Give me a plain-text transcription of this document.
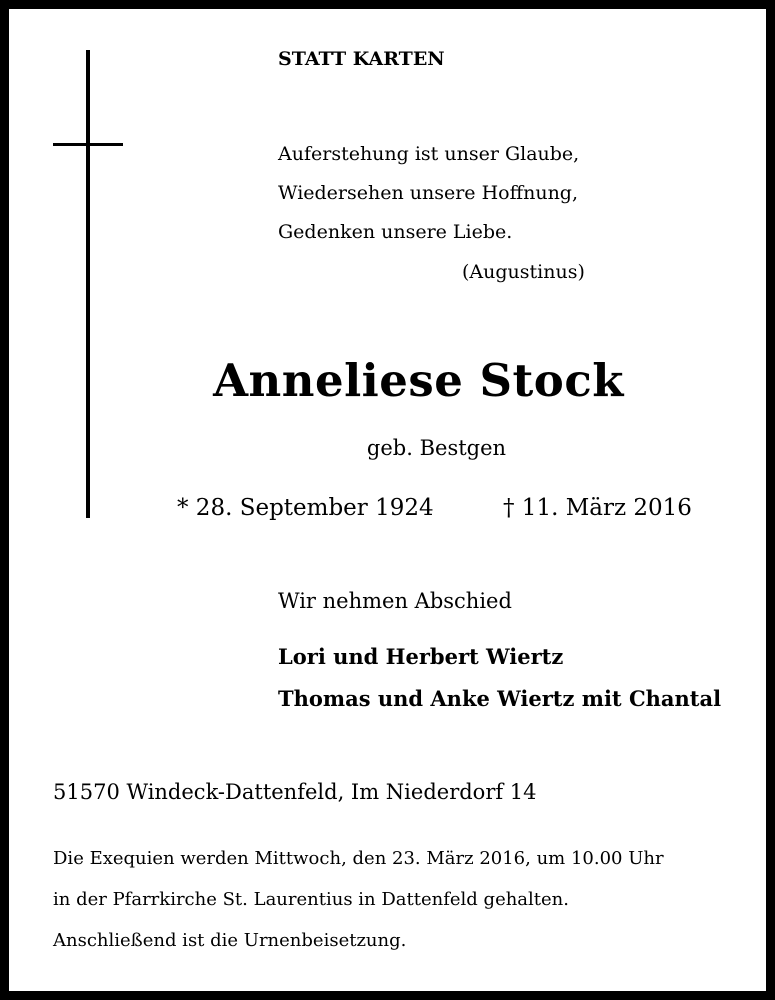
STATT KARTEN
Auferstehung ist unser Glaube,
Wiedersehen unsere Hoffnung,
Gedenken unsere Liebe.
(Augustinus)
Anneliese Stock
geb. Bestgen
* 28. September 1924	† 11. März 2016
Wir nehmen Abschied
Lori und Herbert Wiertz
Thomas und Anke Wiertz mit Chantal
51570 Windeck-Dattenfeld, Im Niederdorf 14
Die Exequien werden Mittwoch, den 23. März 2016, um 10.00 Uhr
in der Pfarrkirche St. Laurentius in Dattenfeld gehalten.
Anschließend ist die Urnenbeisetzung.
